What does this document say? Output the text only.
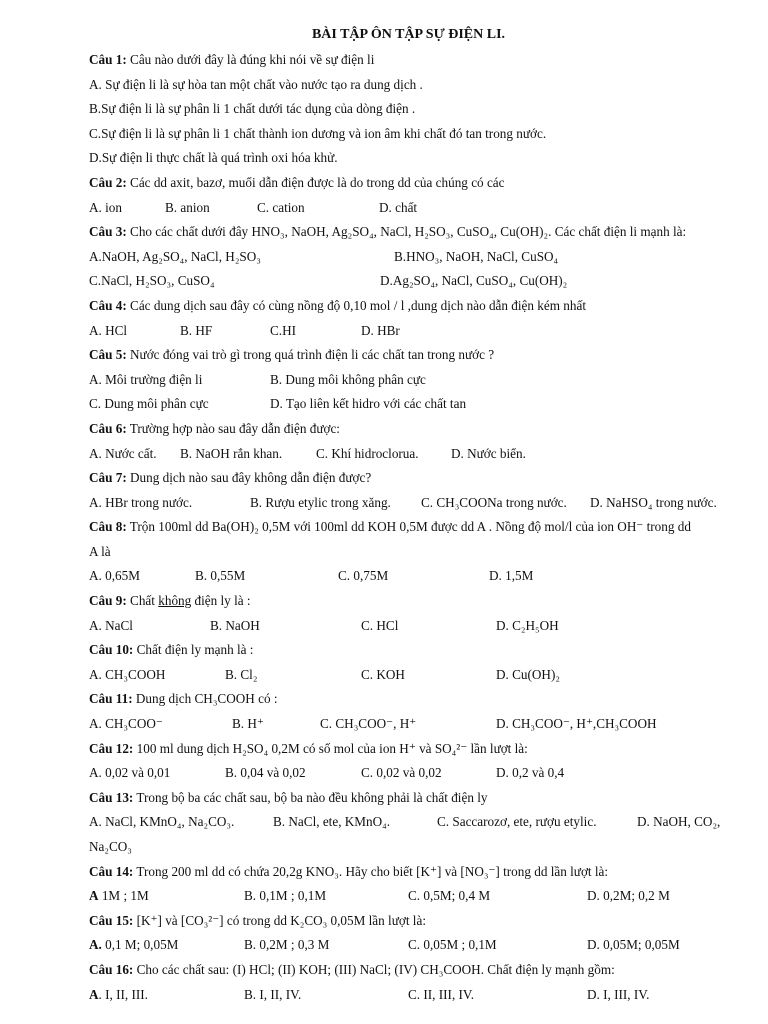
BÀI TẬP ÔN TẬP SỰ ĐIỆN LI.
Câu 1: Câu nào dưới đây là đúng khi nói về sự điện li
A. Sự điện li là sự hòa tan một chất vào nước tạo ra dung dịch .
B.Sự điện li là sự phân li 1 chất dưới tác dụng của dòng điện .
C.Sự điện li là sự phân li 1 chất thành ion dương và ion âm khi chất đó tan trong nước.
D.Sự điện li thực chất là quá trình oxi hóa khử.
Câu 2: Các dd axit, bazơ, muối dẫn điện được là do trong dd của chúng có các
A. ion	B. anion	C. cation	D. chất
Câu 3: Cho các chất dưới đây HNO₃, NaOH, Ag₂SO₄, NaCl, H₂SO₃, CuSO₄, Cu(OH)₂. Các chất điện li mạnh là:
A.NaOH, Ag₂SO₄, NaCl, H₂SO₃	B.HNO₃, NaOH, NaCl, CuSO₄
C.NaCl, H₂SO₃, CuSO₄	D.Ag₂SO₄, NaCl, CuSO₄, Cu(OH)₂
Câu 4: Các dung dịch sau đây có cùng nồng độ 0,10 mol / l ,dung dịch nào dẫn điện kém nhất
A. HCl	B. HF	C.HI	D. HBr
Câu 5: Nước đóng vai trò gì trong quá trình điện li các chất tan trong nước ?
A. Môi trường điện li	B. Dung môi không phân cực
C. Dung môi phân cực	D. Tạo liên kết hidro với các chất tan
Câu 6: Trường hợp nào sau đây dẫn điện được:
A. Nước cất. B. NaOH rắn khan.	C. Khí hidroclorua. D. Nước biển.
Câu 7: Dung dịch nào sau đây không dẫn điện được?
A. HBr trong nước.	B. Rượu etylic trong xăng. C. CH₃COONa trong nước. D. NaHSO₄ trong nước.
Câu 8: Trộn 100ml dd Ba(OH)₂ 0,5M với 100ml dd KOH 0,5M được dd A . Nồng độ mol/l của ion OH⁻ trong dd
A là
A. 0,65M	B. 0,55M	C. 0,75M	D. 1,5M
Câu 9: Chất không điện ly là :
A. NaCl	B. NaOH	C. HCl	D. C₂H₅OH
Câu 10: Chất điện ly mạnh là :
A. CH₃COOH	B. Cl₂	C. KOH	D. Cu(OH)₂
Câu 11: Dung dịch CH₃COOH có :
A. CH₃COO⁻	B. H⁺	C. CH₃COO⁻, H⁺	D. CH₃COO⁻, H⁺,CH₃COOH
Câu 12: 100 ml dung dịch H₂SO₄ 0,2M có số mol của ion H⁺ và SO₄²⁻ lần lượt là:
A. 0,02 và 0,01	B. 0,04 và 0,02	C. 0,02 và 0,02	D. 0,2 và 0,4
Câu 13: Trong bộ ba các chất sau, bộ ba nào đều không phải là chất điện ly
A. NaCl, KMnO₄, Na₂CO₃.	B. NaCl, ete, KMnO₄.	C. Saccarozơ, ete, rượu etylic.	D. NaOH, CO₂,
Na₂CO₃
Câu 14: Trong 200 ml dd có chứa 20,2g KNO₃. Hãy cho biết [K⁺] và [NO₃⁻] trong dd lần lượt là:
A 1M ; 1M	B. 0,1M ; 0,1M	C. 0,5M; 0,4 M	D. 0,2M; 0,2 M
Câu 15: [K⁺] và [CO₃²⁻] có trong dd K₂CO₃ 0,05M lần lượt là:
A. 0,1 M; 0,05M	B. 0,2M ; 0,3 M	C. 0,05M ; 0,1M	D. 0,05M; 0,05M
Câu 16: Cho các chất sau: (I) HCl; (II) KOH; (III) NaCl; (IV) CH₃COOH. Chất điện ly mạnh gồm:
A. I, II, III.	B. I, II, IV.	C. II, III, IV.	D. I, III, IV.
